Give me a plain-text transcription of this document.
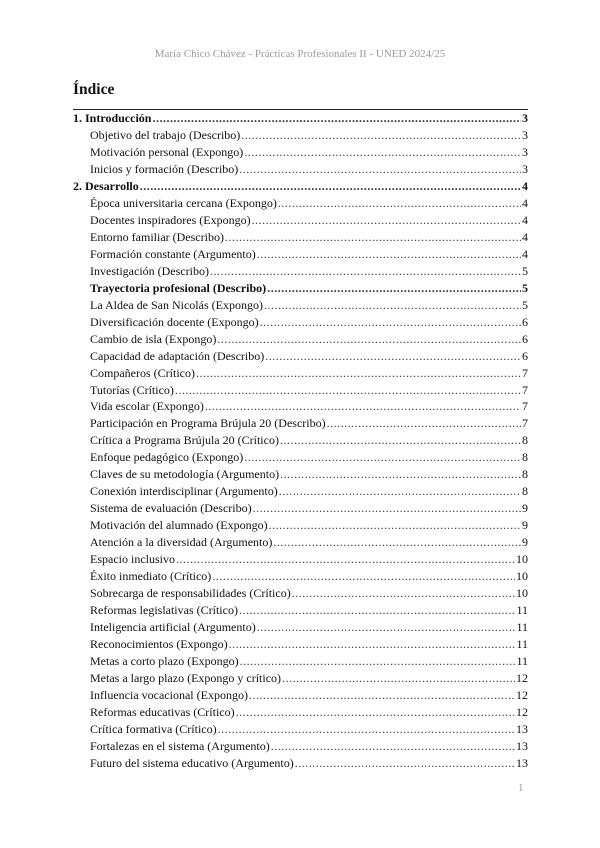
María Chico Chávez - Prácticas Profesionales II - UNED 2024/25
Índice
1. Introducción .....	3
Objetivo del trabajo (Describo) .....	3
Motivación personal (Expongo) .....	3
Inicios y formación (Describo) .....	3
2. Desarrollo .....	4
Época universitaria cercana (Expongo) .....	4
Docentes inspiradores (Expongo) .....	4
Entorno familiar (Describo) .....	4
Formación constante (Argumento) .....	4
Investigación (Describo) .....	5
Trayectoria profesional (Describo) .....	5
La Aldea de San Nicolás (Expongo) .....	5
Diversificación docente (Expongo) .....	6
Cambio de isla (Expongo) .....	6
Capacidad de adaptación (Describo) .....	6
Compañeros (Crítico) .....	7
Tutorías (Crítico) .....	7
Vida escolar (Expongo) .....	7
Participación en Programa Brújula 20 (Describo) .....	7
Crítica a Programa Brújula 20 (Crítico) .....	8
Enfoque pedagógico (Expongo) .....	8
Claves de su metodología (Argumento) .....	8
Conexión interdisciplinar (Argumento) .....	8
Sistema de evaluación (Describo) .....	9
Motivación del alumnado (Expongo) .....	9
Atención a la diversidad (Argumento) .....	9
Espacio inclusivo .....	10
Éxito inmediato (Crítico) .....	10
Sobrecarga de responsabilidades (Crítico) .....	10
Reformas legislativas (Crítico) .....	11
Inteligencia artificial (Argumento) .....	11
Reconocimientos (Expongo) .....	11
Metas a corto plazo (Expongo) .....	11
Metas a largo plazo (Expongo y crítico) .....	12
Influencia vocacional (Expongo) .....	12
Reformas educativas (Crítico) .....	12
Crítica formativa (Crítico) .....	13
Fortalezas en el sistema (Argumento) .....	13
Futuro del sistema educativo (Argumento) .....	13
1
